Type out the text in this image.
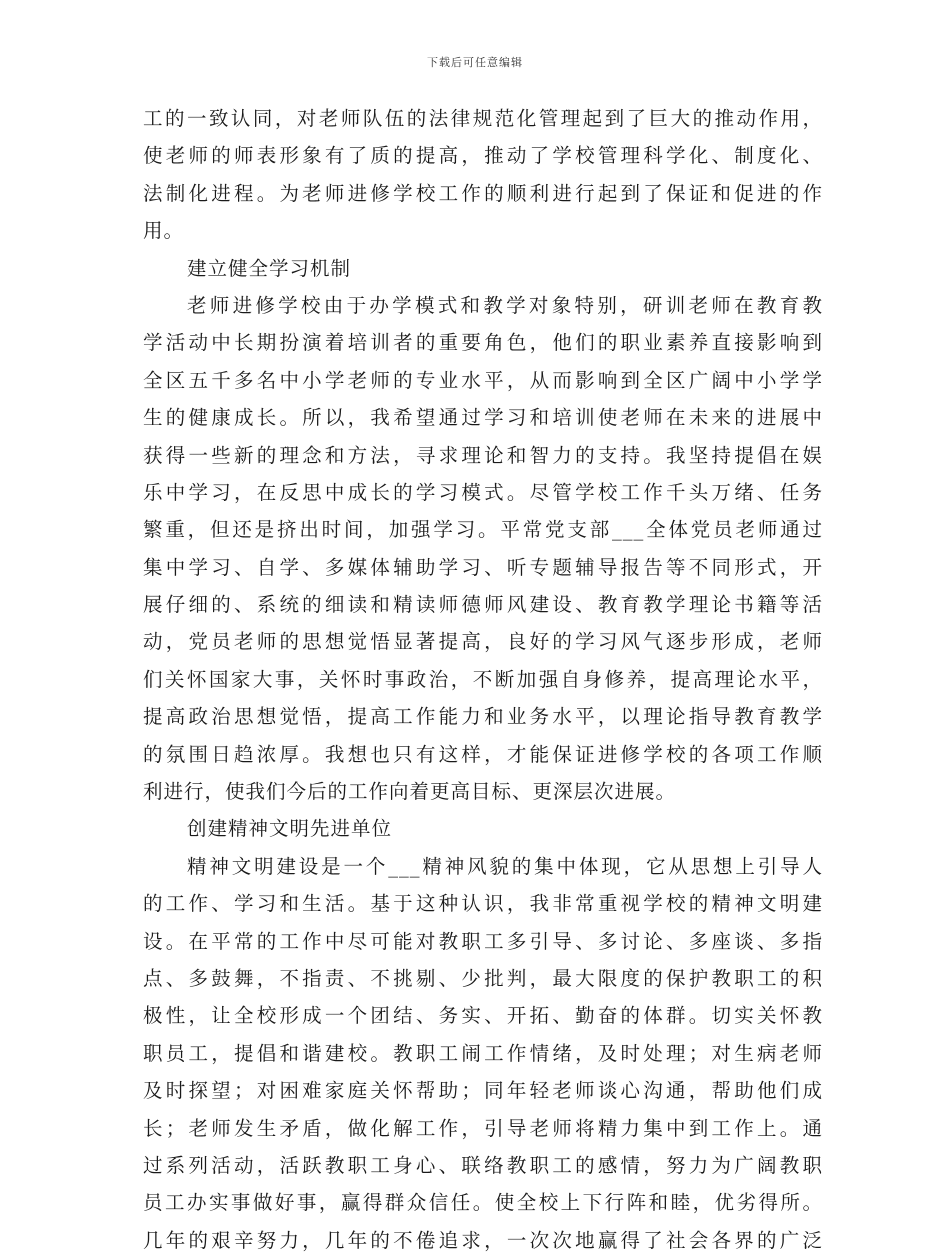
下载后可任意编辑
工的一致认同，对老师队伍的法律规范化管理起到了巨大的推动作用，
使老师的师表形象有了质的提高，推动了学校管理科学化、制度化、
法制化进程。为老师进修学校工作的顺利进行起到了保证和促进的作
用。
建立健全学习机制
老师进修学校由于办学模式和教学对象特别，研训老师在教育教
学活动中长期扮演着培训者的重要角色，他们的职业素养直接影响到
全区五千多名中小学老师的专业水平，从而影响到全区广阔中小学学
生的健康成长。所以，我希望通过学习和培训使老师在未来的进展中
获得一些新的理念和方法，寻求理论和智力的支持。我坚持提倡在娱
乐中学习，在反思中成长的学习模式。尽管学校工作千头万绪、任务
繁重，但还是挤出时间，加强学习。平常党支部___全体党员老师通过
集中学习、自学、多媒体辅助学习、听专题辅导报告等不同形式，开
展仔细的、系统的细读和精读师德师风建设、教育教学理论书籍等活
动，党员老师的思想觉悟显著提高，良好的学习风气逐步形成，老师
们关怀国家大事，关怀时事政治，不断加强自身修养，提高理论水平，
提高政治思想觉悟，提高工作能力和业务水平，以理论指导教育教学
的氛围日趋浓厚。我想也只有这样，才能保证进修学校的各项工作顺
利进行，使我们今后的工作向着更高目标、更深层次进展。
创建精神文明先进单位
精神文明建设是一个___精神风貌的集中体现，它从思想上引导人
的工作、学习和生活。基于这种认识，我非常重视学校的精神文明建
设。在平常的工作中尽可能对教职工多引导、多讨论、多座谈、多指
点、多鼓舞，不指责、不挑剔、少批判，最大限度的保护教职工的积
极性，让全校形成一个团结、务实、开拓、勤奋的体群。切实关怀教
职员工，提倡和谐建校。教职工闹工作情绪，及时处理；对生病老师
及时探望；对困难家庭关怀帮助；同年轻老师谈心沟通，帮助他们成
长；老师发生矛盾，做化解工作，引导老师将精力集中到工作上。通
过系列活动，活跃教职工身心、联络教职工的感情，努力为广阔教职
员工办实事做好事，赢得群众信任。使全校上下行阵和睦，优劣得所。
几年的艰辛努力，几年的不倦追求，一次次地赢得了社会各界的广泛
